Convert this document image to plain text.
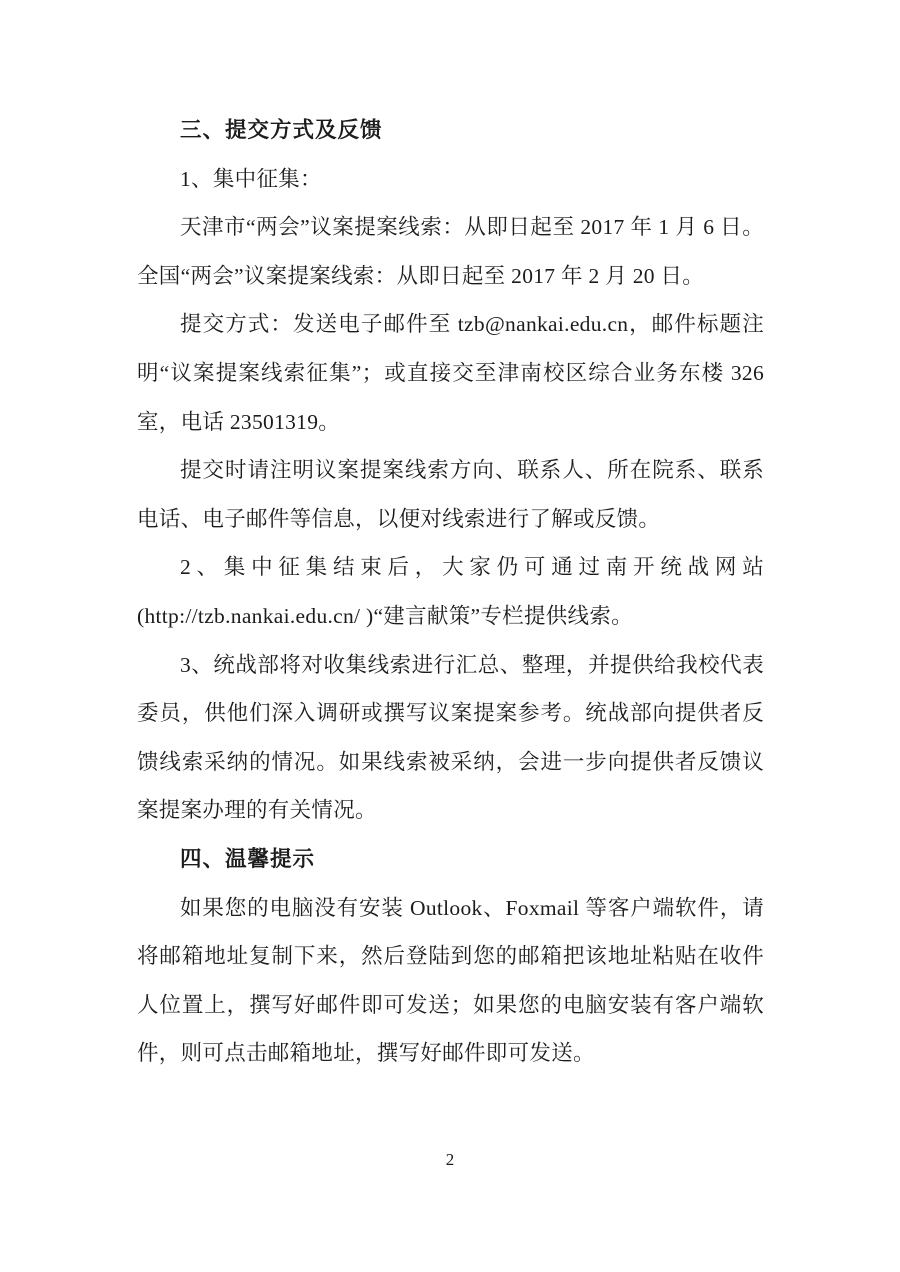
三、提交方式及反馈

1、集中征集：

天津市“两会”议案提案线索：从即日起至 2017 年 1 月 6 日。全国“两会”议案提案线索：从即日起至 2017 年 2 月 20 日。

提交方式：发送电子邮件至 tzb@nankai.edu.cn，邮件标题注明“议案提案线索征集”；或直接交至津南校区综合业务东楼 326 室，电话 23501319。

提交时请注明议案提案线索方向、联系人、所在院系、联系电话、电子邮件等信息，以便对线索进行了解或反馈。

2、集中征集结束后，大家仍可通过南开统战网站(http://tzb.nankai.edu.cn/ )“建言献策”专栏提供线索。

3、统战部将对收集线索进行汇总、整理，并提供给我校代表委员，供他们深入调研或撰写议案提案参考。统战部向提供者反馈线索采纳的情况。如果线索被采纳，会进一步向提供者反馈议案提案办理的有关情况。

四、温馨提示

如果您的电脑没有安装 Outlook、Foxmail 等客户端软件，请将邮箱地址复制下来，然后登陆到您的邮箱把该地址粘贴在收件人位置上，撰写好邮件即可发送；如果您的电脑安装有客户端软件，则可点击邮箱地址，撰写好邮件即可发送。

2
